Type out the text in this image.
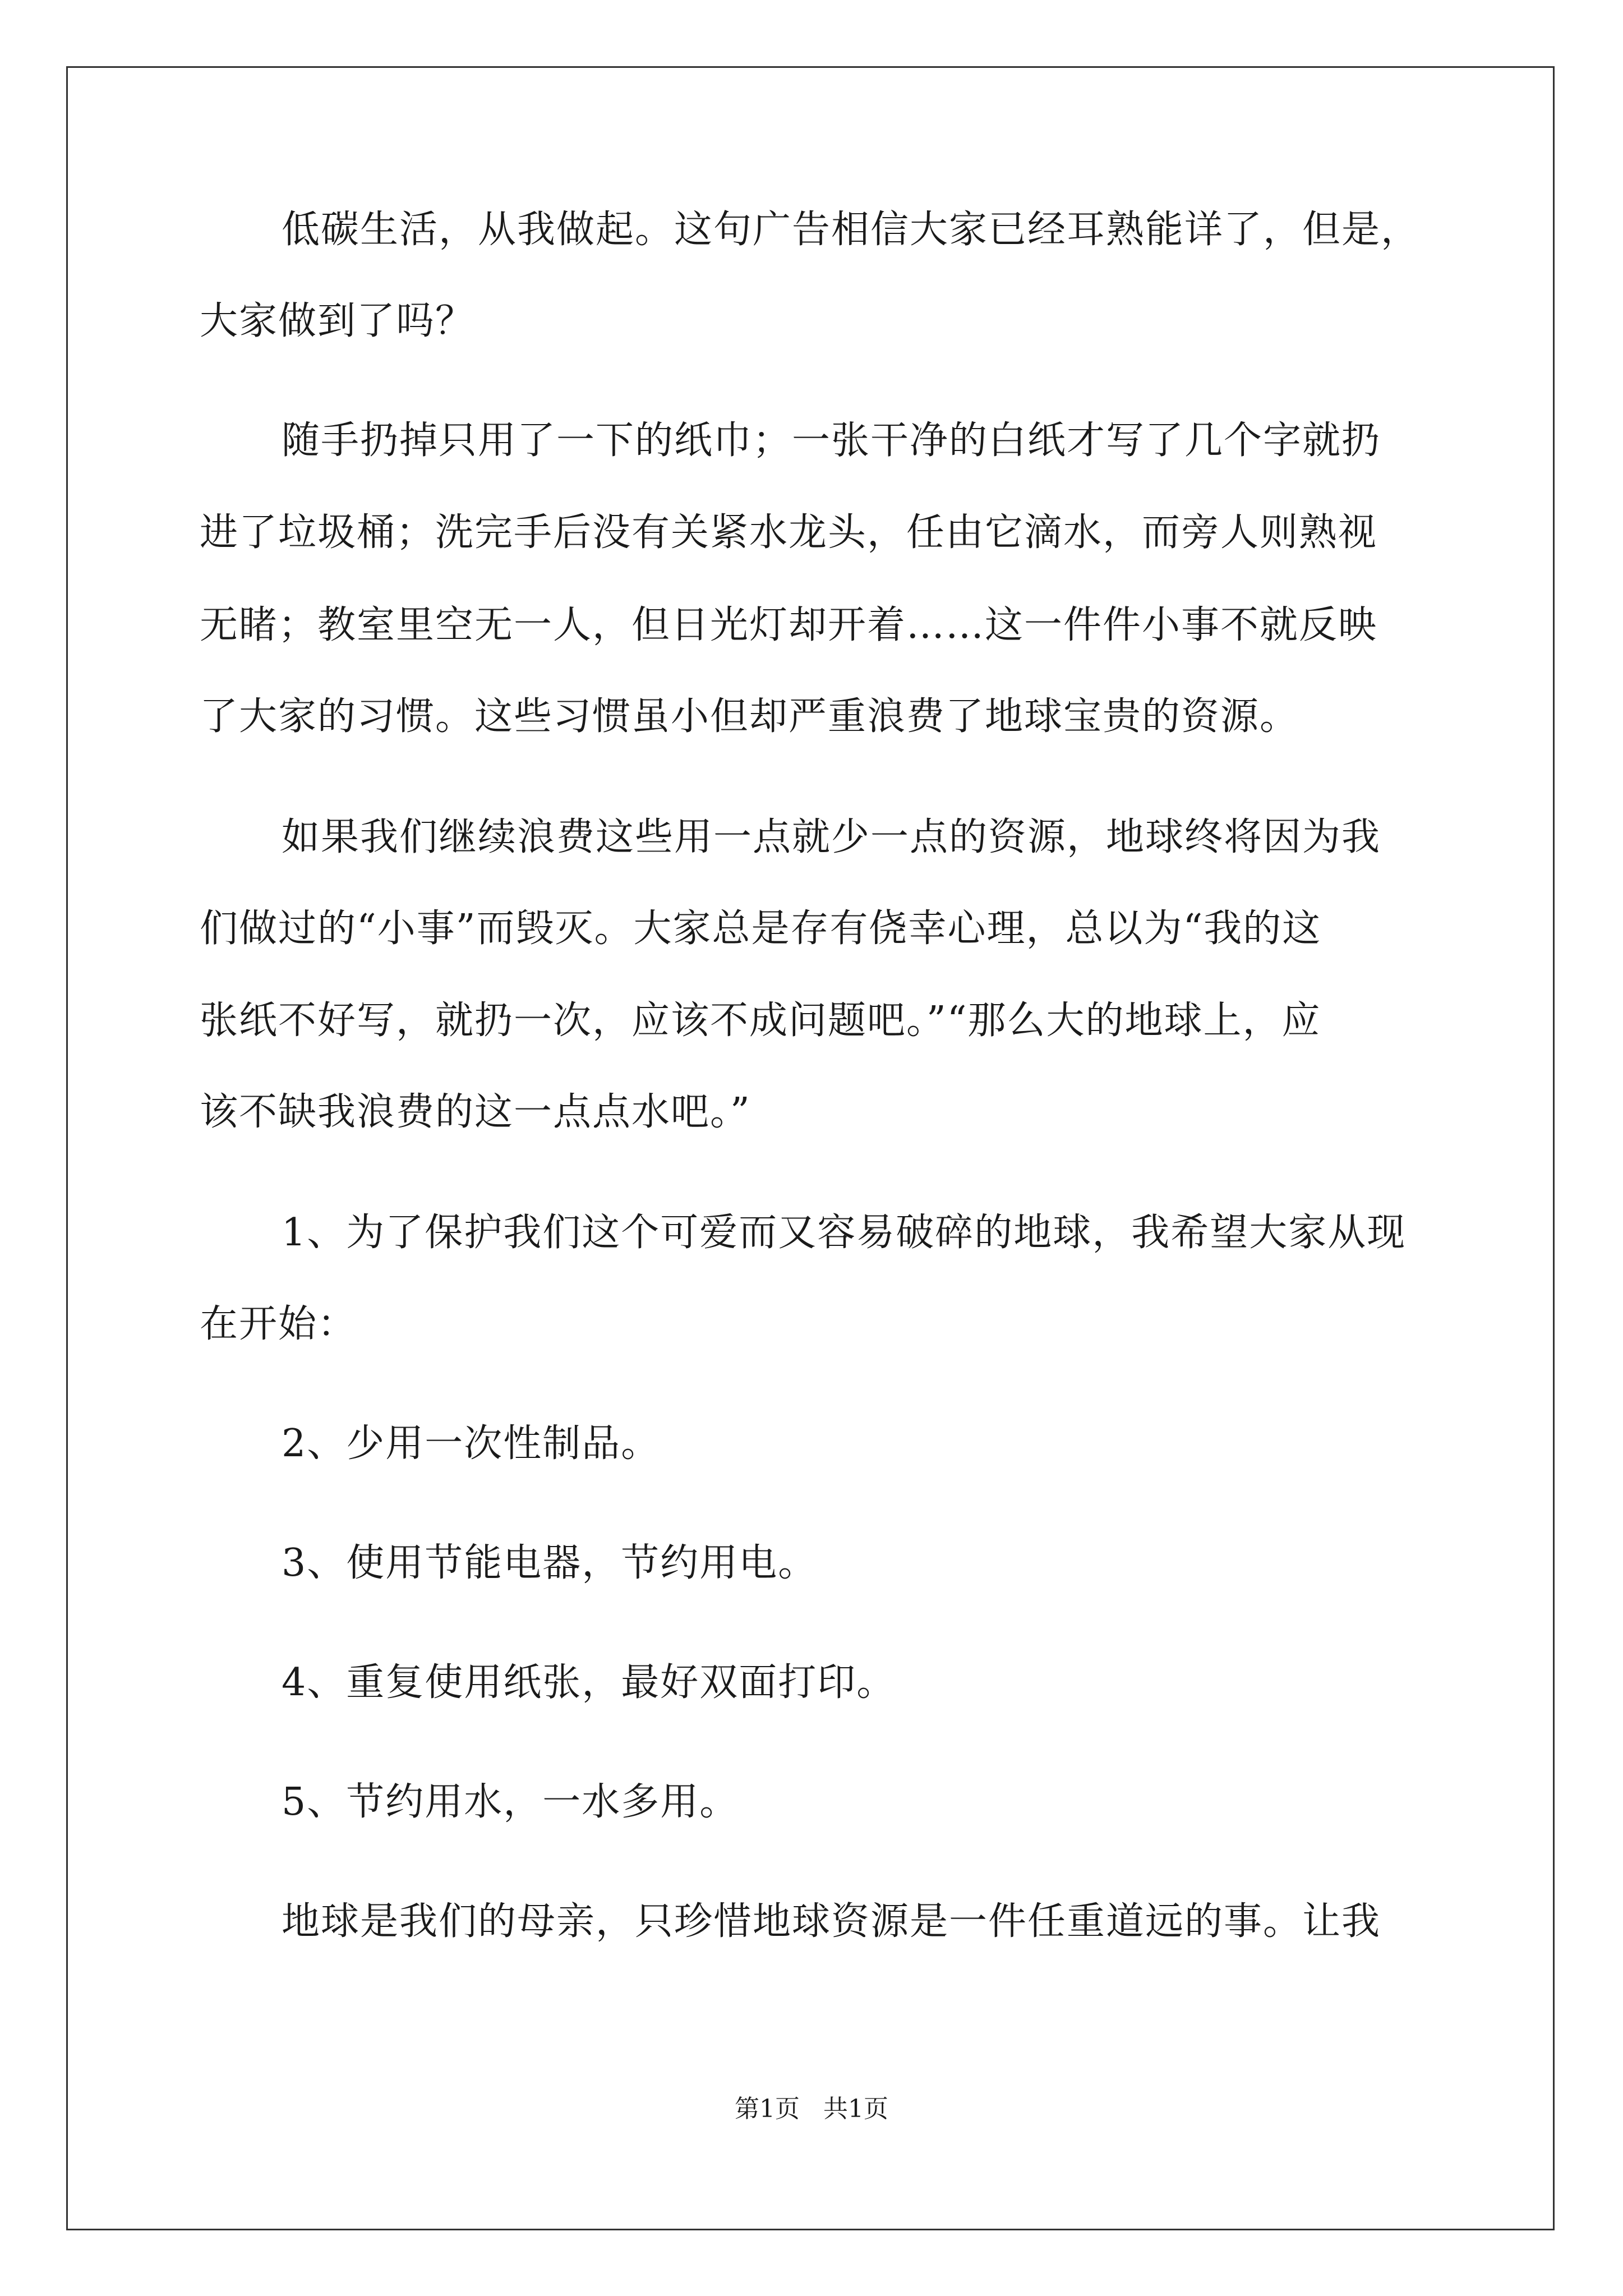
低碳生活，从我做起。这句广告相信大家已经耳熟能详了，但是，
大家做到了吗？
随手扔掉只用了一下的纸巾；一张干净的白纸才写了几个字就扔
进了垃圾桶；洗完手后没有关紧水龙头，任由它滴水，而旁人则熟视
无睹；教室里空无一人，但日光灯却开着……这一件件小事不就反映
了大家的习惯。这些习惯虽小但却严重浪费了地球宝贵的资源。
如果我们继续浪费这些用一点就少一点的资源，地球终将因为我
们做过的“小事”而毁灭。大家总是存有侥幸心理，总以为“我的这
张纸不好写，就扔一次，应该不成问题吧。”“那么大的地球上，应
该不缺我浪费的这一点点水吧。”
1、为了保护我们这个可爱而又容易破碎的地球，我希望大家从现
在开始：
2、少用一次性制品。
3、使用节能电器，节约用电。
4、重复使用纸张，最好双面打印。
5、节约用水，一水多用。
地球是我们的母亲，只珍惜地球资源是一件任重道远的事。让我
第1页 共1页
